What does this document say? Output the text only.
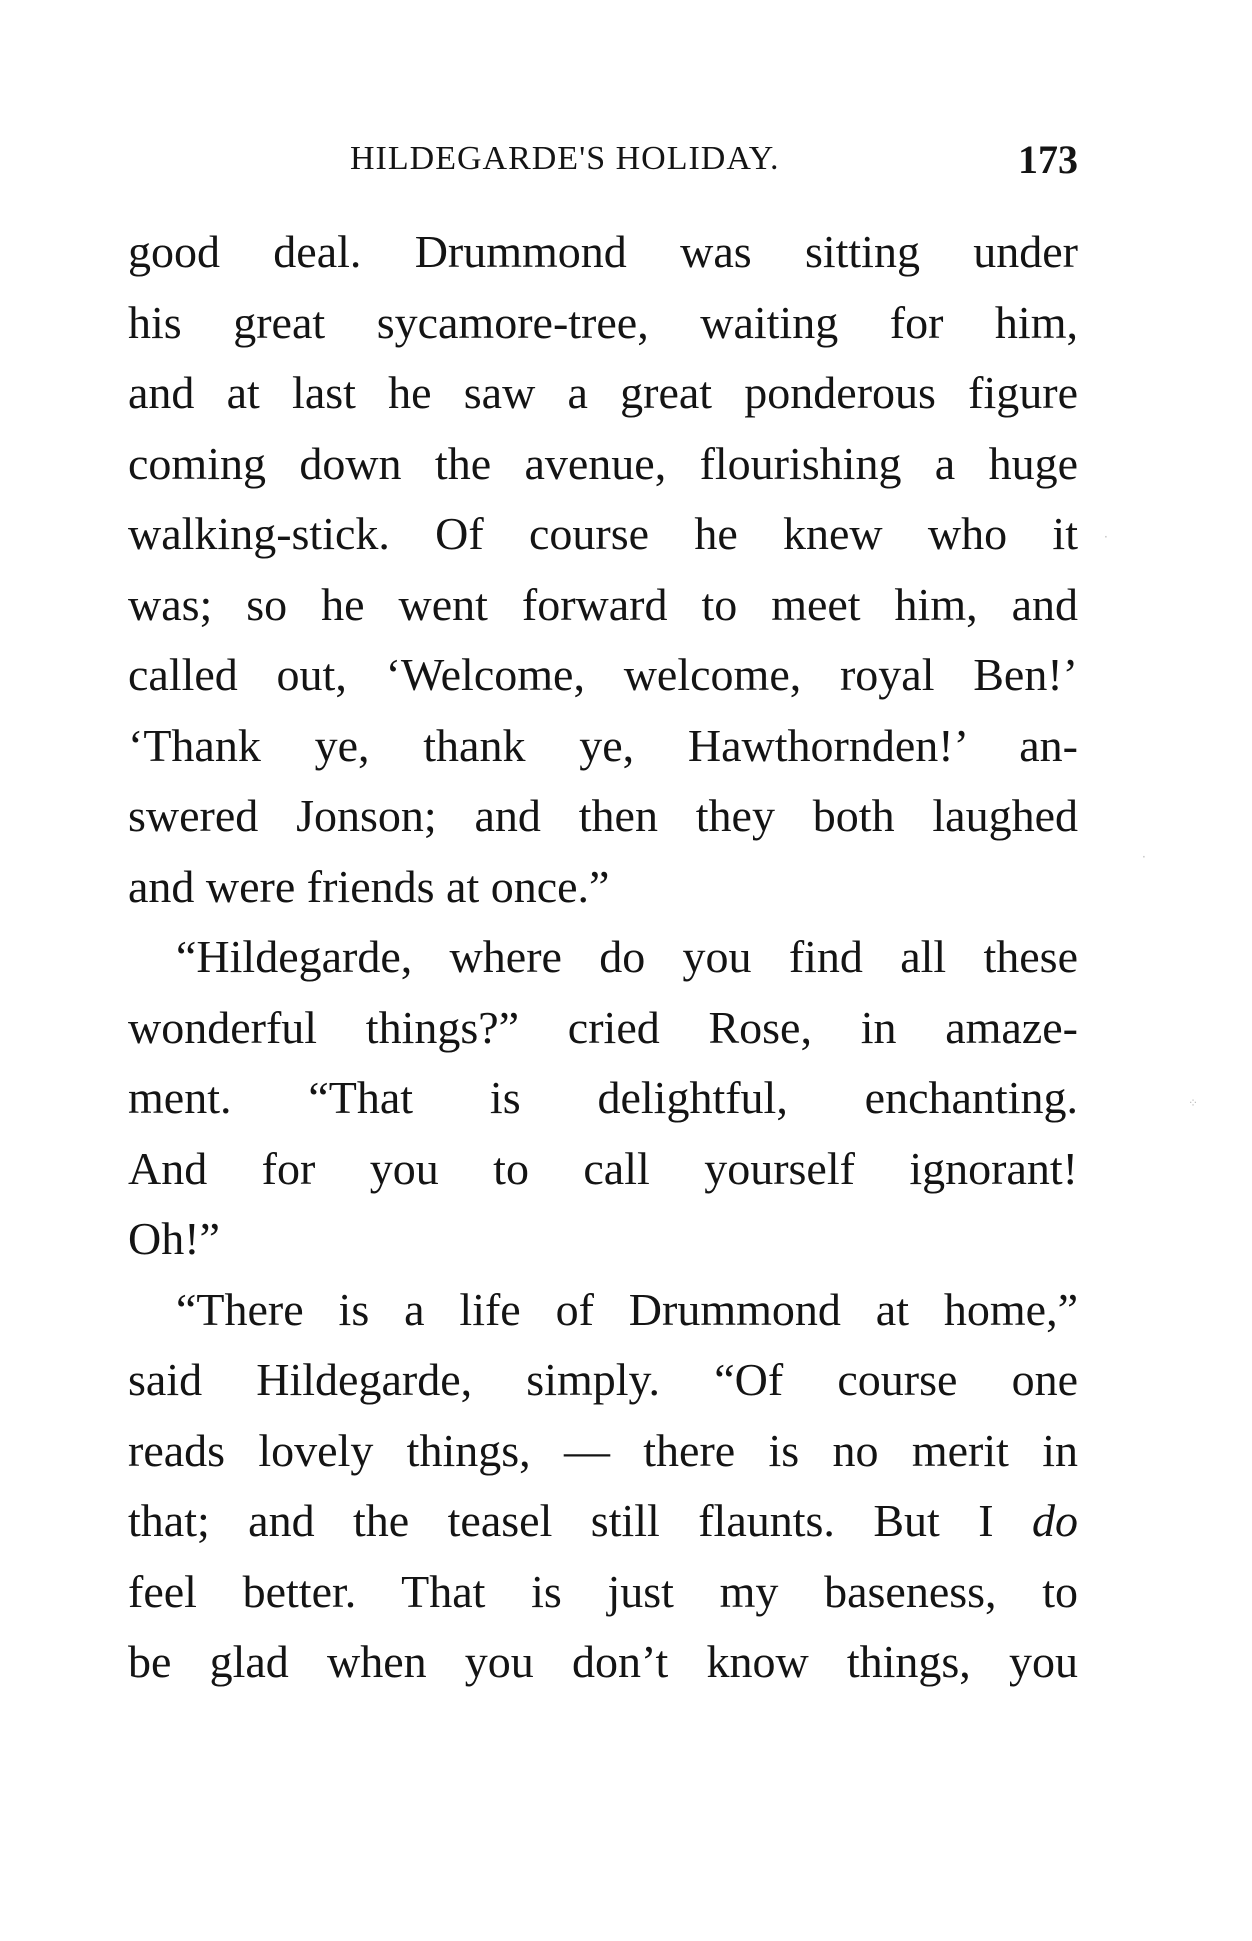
HILDEGARDE'S HOLIDAY.	173
good deal. Drummond was sitting under
his great sycamore-tree, waiting for him,
and at last he saw a great ponderous figure
coming down the avenue, flourishing a huge
walking-stick. Of course he knew who it
was; so he went forward to meet him, and
called out, ‘Welcome, welcome, royal Ben!’
‘Thank ye, thank ye, Hawthornden!’ an-
swered Jonson; and then they both laughed
and were friends at once.”
“Hildegarde, where do you find all these
wonderful things?” cried Rose, in amaze-
ment. “That is delightful, enchanting.
And for you to call yourself ignorant!
Oh!”
“There is a life of Drummond at home,”
said Hildegarde, simply. “Of course one
reads lovely things, — there is no merit in
that; and the teasel still flaunts. But I do
feel better. That is just my baseness, to
be glad when you don’t know things, you
⁘
·
·
